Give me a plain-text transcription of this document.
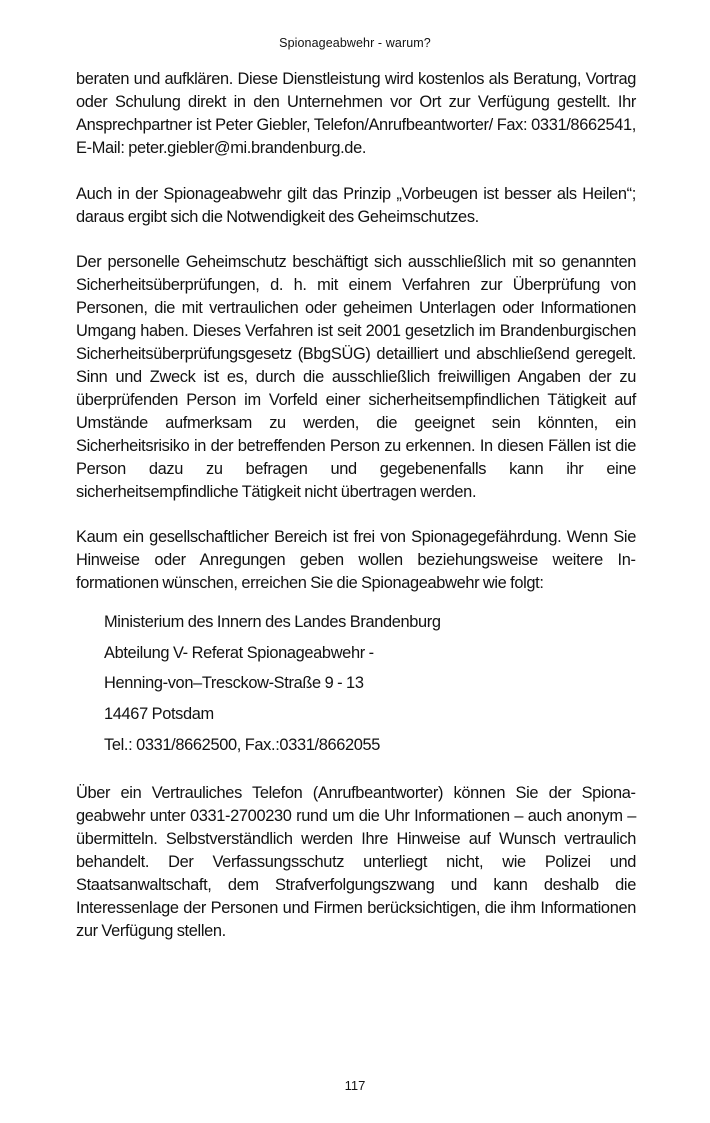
Spionageabwehr - warum?

beraten und aufklären. Diese Dienstleistung wird kostenlos als Beratung, Vortrag oder Schulung direkt in den Unternehmen vor Ort zur Verfügung gestellt. Ihr Ansprechpartner ist Peter Giebler, Telefon/Anrufbeantworter/ Fax: 0331/8662541, E-Mail: peter.giebler@mi.brandenburg.de.

Auch in der Spionageabwehr gilt das Prinzip „Vorbeugen ist besser als Heilen“; daraus ergibt sich die Notwendigkeit des Geheimschutzes.

Der personelle Geheimschutz beschäftigt sich ausschließlich mit so genannten Sicherheitsüberprüfungen, d. h. mit einem Verfahren zur Überprüfung von Personen, die mit vertraulichen oder geheimen Unterlagen oder Informationen Umgang haben. Dieses Verfahren ist seit 2001 gesetzlich im Brandenburgischen Sicherheitsüberprüfungsgesetz (BbgSÜG) detailliert und abschließend geregelt. Sinn und Zweck ist es, durch die ausschließlich freiwilligen Angaben der zu überprüfenden Person im Vorfeld einer sicherheitsempfindlichen Tätigkeit auf Umstände aufmerksam zu werden, die geeignet sein könnten, ein Sicherheitsrisiko in der betreffenden Person zu erkennen. In diesen Fällen ist die Person dazu zu befragen und gegebenenfalls kann ihr eine sicherheitsempfindliche Tätigkeit nicht übertragen werden.

Kaum ein gesellschaftlicher Bereich ist frei von Spionagegefährdung. Wenn Sie Hinweise oder Anregungen geben wollen beziehungsweise weitere Informationen wünschen, erreichen Sie die Spionageabwehr wie folgt:

Ministerium des Innern des Landes Brandenburg
Abteilung V- Referat Spionageabwehr -
Henning-von–Tresckow-Straße 9 - 13
14467 Potsdam
Tel.: 0331/8662500, Fax.:0331/8662055

Über ein Vertrauliches Telefon (Anrufbeantworter) können Sie der Spionageabwehr unter 0331-2700230 rund um die Uhr Informationen – auch anonym – übermitteln. Selbstverständlich werden Ihre Hinweise auf Wunsch vertraulich behandelt. Der Verfassungsschutz unterliegt nicht, wie Polizei und Staatsanwaltschaft, dem Strafverfolgungszwang und kann deshalb die Interessenlage der Personen und Firmen berücksichtigen, die ihm Informationen zur Verfügung stellen.

117
